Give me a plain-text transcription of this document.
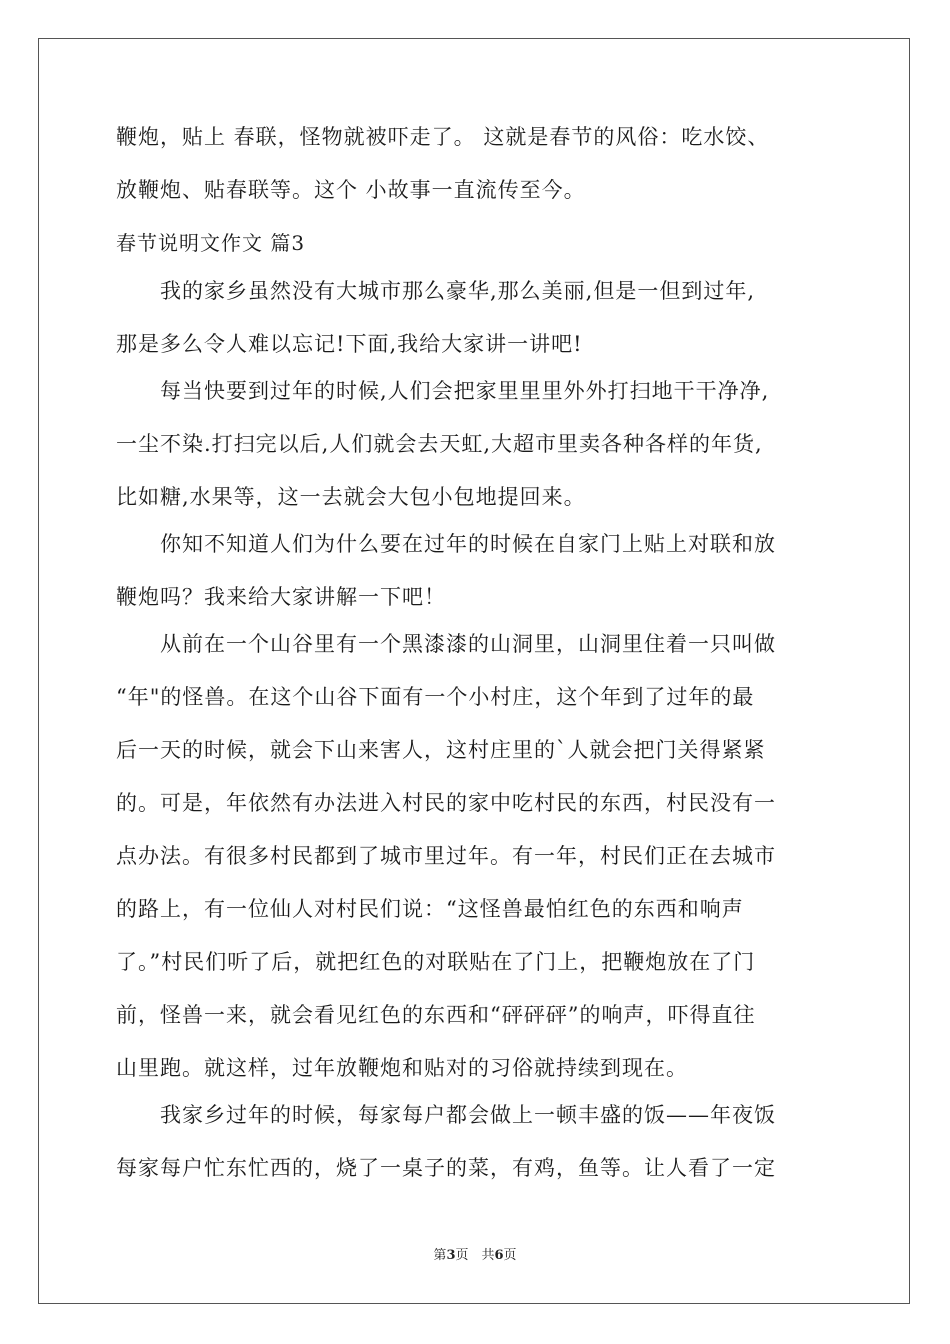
鞭炮，贴上 春联，怪物就被吓走了。 这就是春节的风俗：吃水饺、
放鞭炮、贴春联等。这个 小故事一直流传至今。
春节说明文作文 篇3
　　我的家乡虽然没有大城市那么豪华,那么美丽,但是一但到过年,
那是多么令人难以忘记!下面,我给大家讲一讲吧!
　　每当快要到过年的时候,人们会把家里里里外外打扫地干干净净,
一尘不染.打扫完以后,人们就会去天虹,大超市里卖各种各样的年货,
比如糖,水果等，这一去就会大包小包地提回来。
　　你知不知道人们为什么要在过年的时候在自家门上贴上对联和放
鞭炮吗？我来给大家讲解一下吧！
　　从前在一个山谷里有一个黑漆漆的山洞里，山洞里住着一只叫做
“年"的怪兽。在这个山谷下面有一个小村庄，这个年到了过年的最
后一天的时候，就会下山来害人，这村庄里的`人就会把门关得紧紧
的。可是，年依然有办法进入村民的家中吃村民的东西，村民没有一
点办法。有很多村民都到了城市里过年。有一年，村民们正在去城市
的路上，有一位仙人对村民们说：“这怪兽最怕红色的东西和响声
了。”村民们听了后，就把红色的对联贴在了门上，把鞭炮放在了门
前，怪兽一来，就会看见红色的东西和“砰砰砰”的响声，吓得直往
山里跑。就这样，过年放鞭炮和贴对的习俗就持续到现在。
　　我家乡过年的时候，每家每户都会做上一顿丰盛的饭——年夜饭
每家每户忙东忙西的，烧了一桌子的菜，有鸡，鱼等。让人看了一定
第3页　共6页
